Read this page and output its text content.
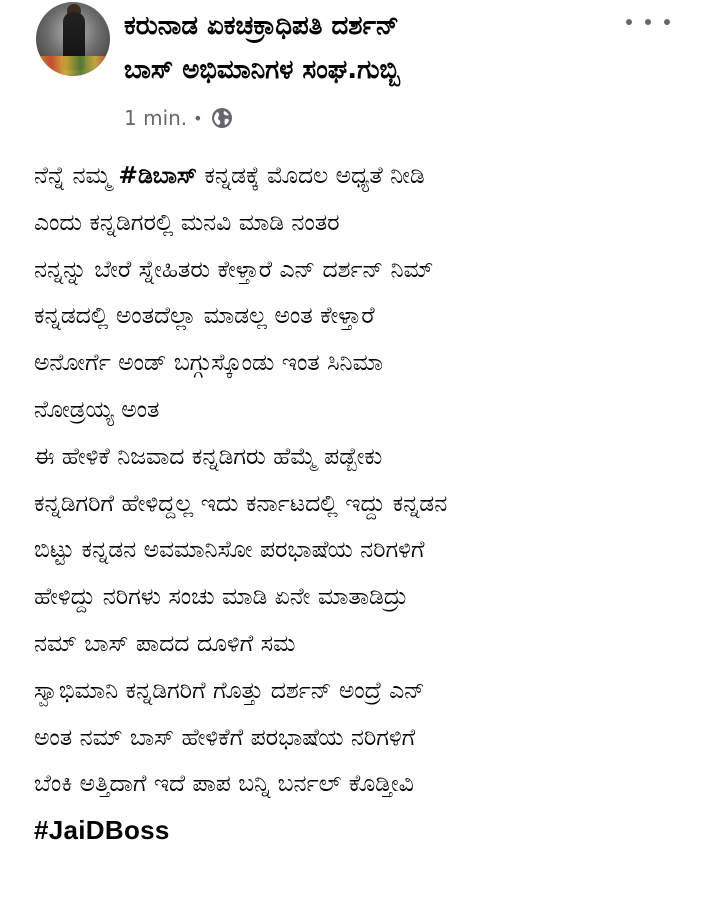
ಕರುನಾಡ ಏಕಚಕ್ರಾಧಿಪತಿ ದರ್ಶನ್
ಬಾಸ್ ಅಭಿಮಾನಿಗಳ ಸಂಘ.ಗುಬ್ಬಿ
1 min. •
ನೆನ್ನೆ ನಮ್ಮ #ಡಿಬಾಸ್ ಕನ್ನಡಕ್ಕೆ ಮೊದಲ ಅಧ್ಯತೆ ನೀಡಿ
ಎಂದು ಕನ್ನಡಿಗರಲ್ಲಿ ಮನವಿ ಮಾಡಿ ನಂತರ
ನನ್ನನ್ನು ಬೇರೆ ಸ್ನೇಹಿತರು ಕೇಳ್ತಾರೆ ಎನ್ ದರ್ಶನ್ ನಿಮ್
ಕನ್ನಡದಲ್ಲಿ ಅಂತದೆಲ್ಲಾ ಮಾಡಲ್ಲ ಅಂತ ಕೇಳ್ತಾರೆ
ಅನೋರ್ಗೆ ಅಂಡ್ ಬಗ್ಗುಸ್ಕೊಂಡು ಇಂತ ಸಿನಿಮಾ
ನೋಡ್ರಯ್ಯ ಅಂತ
ಈ ಹೇಳಿಕೆ ನಿಜವಾದ ಕನ್ನಡಿಗರು ಹೆಮ್ಮೆ ಪಡ್ಬೇಕು
ಕನ್ನಡಿಗರಿಗೆ ಹೇಳಿದ್ದಲ್ಲ ಇದು ಕರ್ನಾಟದಲ್ಲಿ ಇದ್ದು ಕನ್ನಡನ
ಬಿಟ್ಟು ಕನ್ನಡನ ಅವಮಾನಿಸೋ ಪರಭಾಷೆಯ ನರಿಗಳಿಗೆ
ಹೇಳಿದ್ದು ನರಿಗಳು ಸಂಚು ಮಾಡಿ ಏನೇ ಮಾತಾಡಿದ್ರು
ನಮ್ ಬಾಸ್ ಪಾದದ ದೂಳಿಗೆ ಸಮ
ಸ್ವಾಭಿಮಾನಿ ಕನ್ನಡಿಗರಿಗೆ ಗೊತ್ತು ದರ್ಶನ್ ಅಂದ್ರೆ ಎನ್
ಅಂತ ನಮ್ ಬಾಸ್ ಹೇಳಿಕೆಗೆ ಪರಭಾಷೆಯ ನರಿಗಳಿಗೆ
ಬೆಂಕಿ ಅತ್ತಿದಾಗೆ ಇದೆ ಪಾಪ ಬನ್ನಿ ಬರ್ನಲ್ ಕೊಡ್ತೀವಿ
#JaiDBoss
